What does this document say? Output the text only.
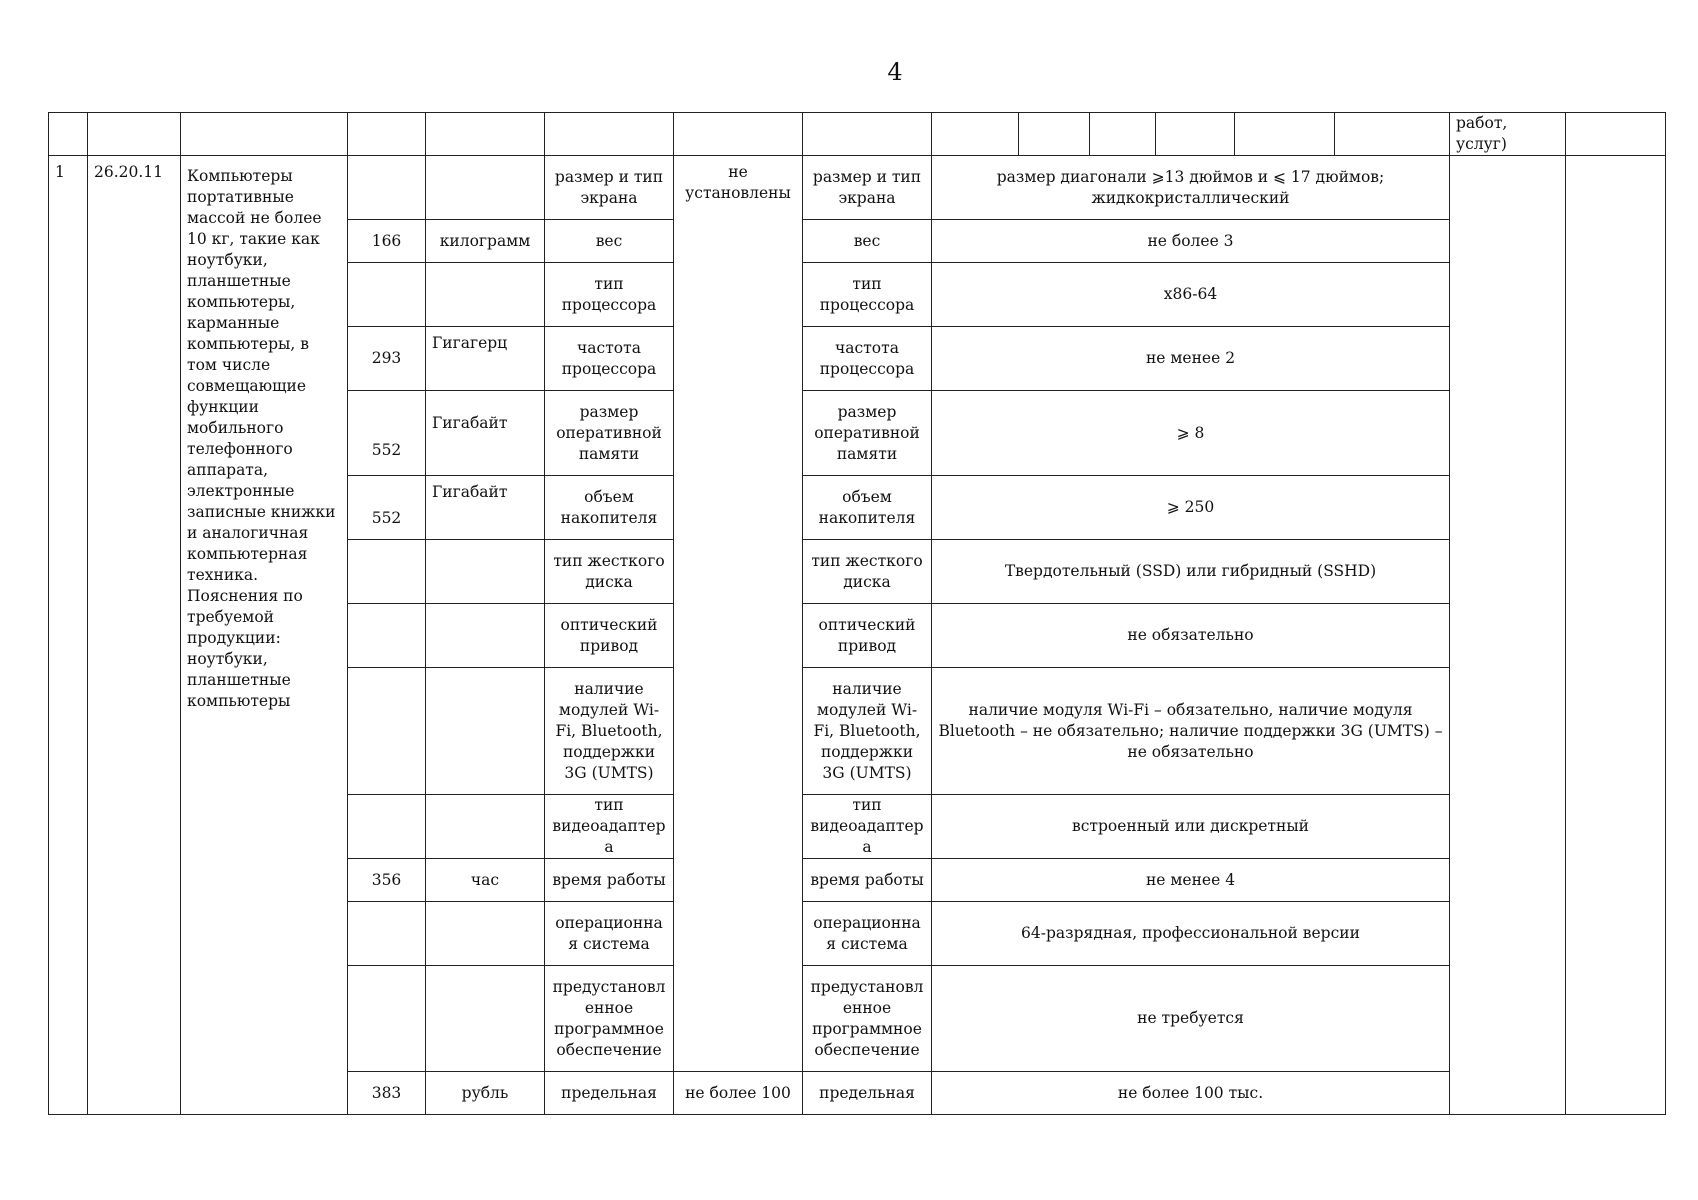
4
														работ, услуг)	
1	26.20.11	Компьютеры портативные массой не более 10 кг, такие как ноутбуки, планшетные компьютеры, карманные компьютеры, в том числе совмещающие функции мобильного телефонного аппарата, электронные записные книжки и аналогичная компьютерная техника. Пояснения по требуемой продукции: ноутбуки, планшетные компьютеры			размер и тип экрана	не установлены	размер и тип экрана	размер диагонали ⩾13 дюймов и ⩽ 17 дюймов; жидкокристаллический							
			166	килограмм	вес		вес	не более 3							
					тип процессора		тип процессора	x86-64							
			293	Гигагерц	частота процессора		частота процессора	не менее 2							
			552	Гигабайт	размер оперативной памяти		размер оперативной памяти	⩾ 8							
			552	Гигабайт	объем накопителя		объем накопителя	⩾ 250							
					тип жесткого диска		тип жесткого диска	Твердотельный (SSD) или гибридный (SSHD)							
					оптический привод		оптический привод	не обязательно							
					наличие модулей Wi-Fi, Bluetooth, поддержки 3G (UMTS)		наличие модулей Wi-Fi, Bluetooth, поддержки 3G (UMTS)	наличие модуля Wi-Fi – обязательно, наличие модуля Bluetooth – не обязательно; наличие поддержки 3G (UMTS) – не обязательно							
					тип видеоадаптера		тип видеоадаптера	встроенный или дискретный							
			356	час	время работы		время работы	не менее 4							
					операционная система		операционная система	64-разрядная, профессиональной версии							
					предустановленное программное обеспечение		предустановленное программное обеспечение	не требуется							
			383	рубль	предельная	не более 100	предельная	не более 100 тыс.							
